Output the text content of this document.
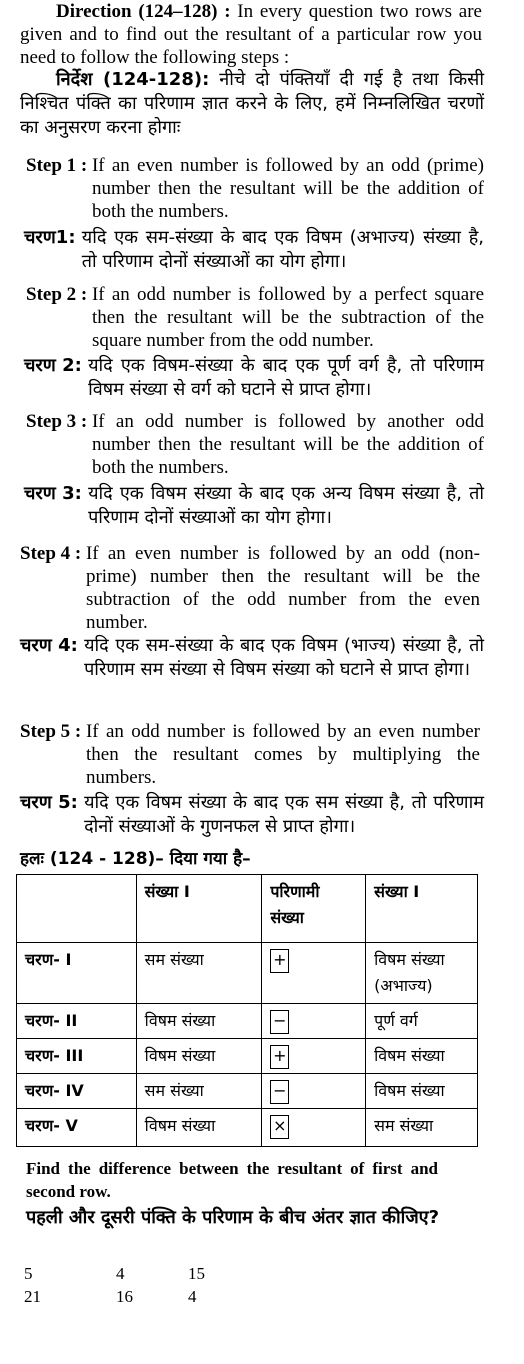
Direction (124–128) : In every question two rows are given and to find out the resultant of a particular row you need to follow the following steps :
निर्देश (124-128): नीचे दो पंक्तियाँ दी गई है तथा किसी निश्चित पंक्ति का परिणाम ज्ञात करने के लिए, हमें निम्नलिखित चरणों का अनुसरण करना होगाः
Step 1 : If an even number is followed by an odd (prime) number then the resultant will be the addition of both the numbers.
चरण1: यदि एक सम-संख्या के बाद एक विषम (अभाज्य) संख्या है, तो परिणाम दोनों संख्याओं का योग होगा।
Step 2 : If an odd number is followed by a perfect square then the resultant will be the subtraction of the square number from the odd number.
चरण 2: यदि एक विषम-संख्या के बाद एक पूर्ण वर्ग है, तो परिणाम विषम संख्या से वर्ग को घटाने से प्राप्त होगा।
Step 3 : If an odd number is followed by another odd number then the resultant will be the addition of both the numbers.
चरण 3: यदि एक विषम संख्या के बाद एक अन्य विषम संख्या है, तो परिणाम दोनों संख्याओं का योग होगा।
Step 4 : If an even number is followed by an odd (non-prime) number then the resultant will be the subtraction of the odd number from the even number.
चरण 4: यदि एक सम-संख्या के बाद एक विषम (भाज्य) संख्या है, तो परिणाम सम संख्या से विषम संख्या को घटाने से प्राप्त होगा।
Step 5 : If an odd number is followed by an even number then the resultant comes by multiplying the numbers.
चरण 5: यदि एक विषम संख्या के बाद एक सम संख्या है, तो परिणाम दोनों संख्याओं के गुणनफल से प्राप्त होगा।
हलः (124 - 128)– दिया गया है–
	संख्या I	परिणामी संख्या	संख्या I
चरण- I	सम संख्या	+	विषम संख्या (अभाज्य)
चरण- II	विषम संख्या	−	पूर्ण वर्ग
चरण- III	विषम संख्या	+	विषम संख्या
चरण- IV	सम संख्या	−	विषम संख्या
चरण- V	विषम संख्या	×	सम संख्या
Find the difference between the resultant of first and second row.
पहली और दूसरी पंक्ति के परिणाम के बीच अंतर ज्ञात कीजिए?
5	4	15
21	16	4
